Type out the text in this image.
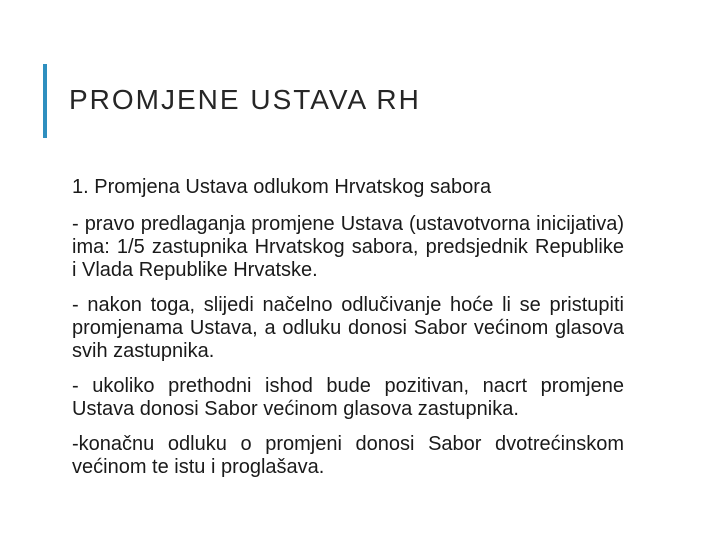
PROMJENE USTAVA RH

1. Promjena Ustava odlukom Hrvatskog sabora

- pravo predlaganja promjene Ustava (ustavotvorna inicijativa) ima: 1/5 zastupnika Hrvatskog sabora, predsjednik Republike i Vlada Republike Hrvatske.

- nakon toga, slijedi načelno odlučivanje hoće li se pristupiti promjenama Ustava, a odluku donosi Sabor većinom glasova svih zastupnika.

- ukoliko prethodni ishod bude pozitivan, nacrt promjene Ustava donosi Sabor većinom glasova zastupnika.

-konačnu odluku o promjeni donosi Sabor dvotrećinskom većinom te istu i proglašava.
